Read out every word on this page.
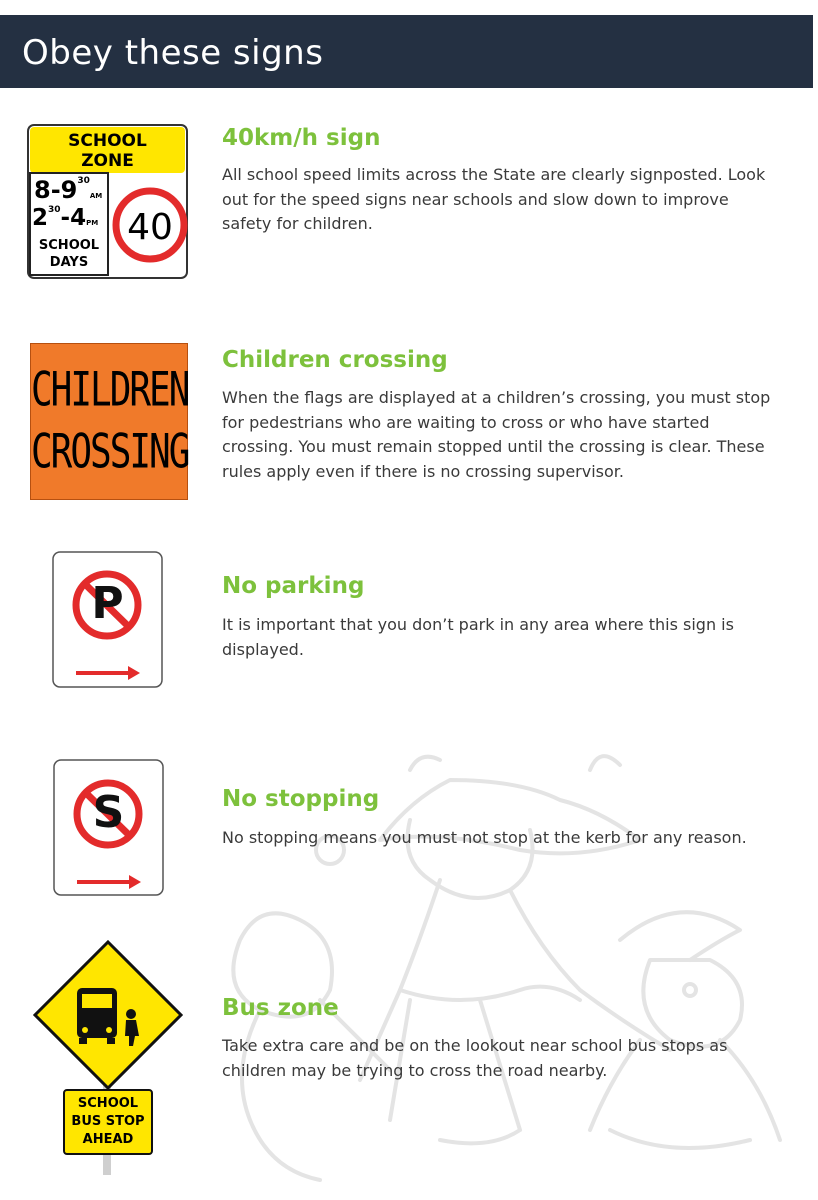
Obey these signs
SCHOOL
ZONE
$8-9^{30}AM$
$2^{30}-4PM$
SCHOOL
DAYS
40
40km/h sign
All school speed limits across the State are clearly signposted. Look out for the speed signs near schools and slow down to improve safety for children.
CHILDREN
CROSSING
Children crossing
When the flags are displayed at a children’s crossing, you must stop for pedestrians who are waiting to cross or who have started crossing. You must remain stopped until the crossing is clear. These rules apply even if there is no crossing supervisor.
P	No parking
It is important that you don’t park in any area where this sign is displayed.
S	No stopping
No stopping means you must not stop at the kerb for any reason.
SCHOOL
BUS STOP
AHEAD
Bus zone
Take extra care and be on the lookout near school bus stops as children may be trying to cross the road nearby.
